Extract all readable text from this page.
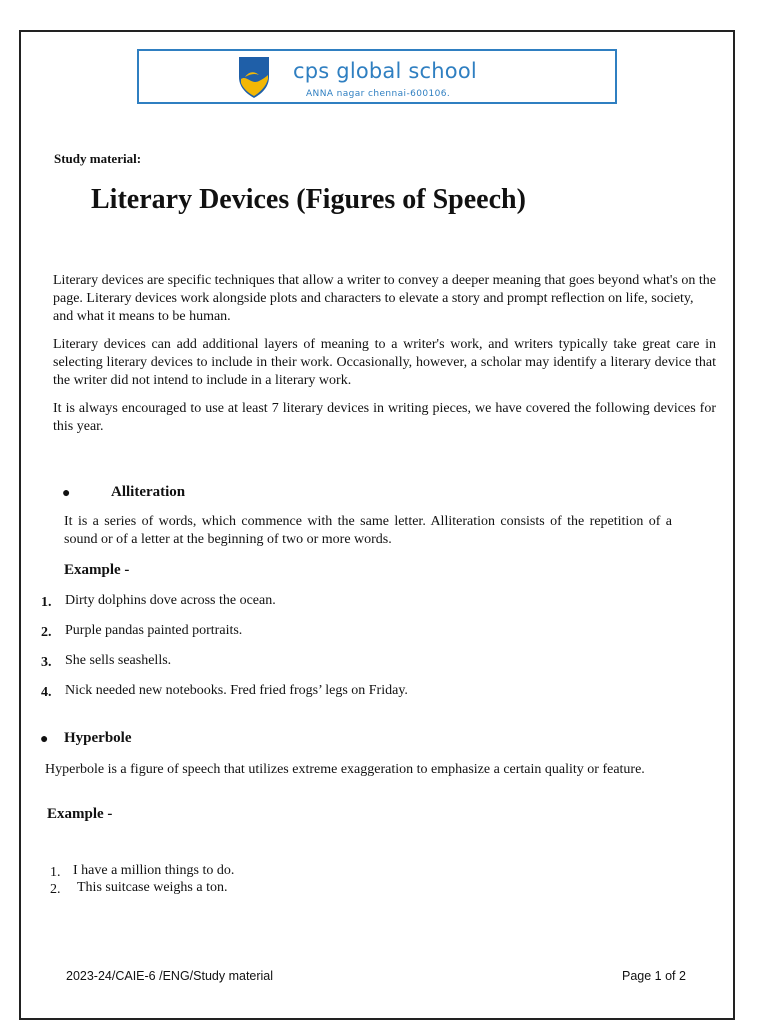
cps global school
ANNA nagar chennai-600106.
Study material:
Literary Devices (Figures of Speech)

Literary devices are specific techniques that allow a writer to convey a deeper meaning that goes beyond what's on the page. Literary devices work alongside plots and characters to elevate a story and prompt reflection on life, society, and what it means to be human.

Literary devices can add additional layers of meaning to a writer's work, and writers typically take great care in selecting literary devices to include in their work. Occasionally, however, a scholar may identify a literary device that the writer did not intend to include in a literary work.

It is always encouraged to use at least 7 literary devices in writing pieces, we have covered the following devices for this year.

●	Alliteration

It is a series of words, which commence with the same letter. Alliteration consists of the repetition of a sound or of a letter at the beginning of two or more words.

Example -
1. Dirty dolphins dove across the ocean.
2. Purple pandas painted portraits.
3. She sells seashells.
4. Nick needed new notebooks. Fred fried frogs’ legs on Friday.
● Hyperbole

Hyperbole is a figure of speech that utilizes extreme exaggeration to emphasize a certain quality or feature.

Example -
1. I have a million things to do.
2. This suitcase weighs a ton.
2023-24/CAIE-6 /ENG/Study material	Page 1 of 2
